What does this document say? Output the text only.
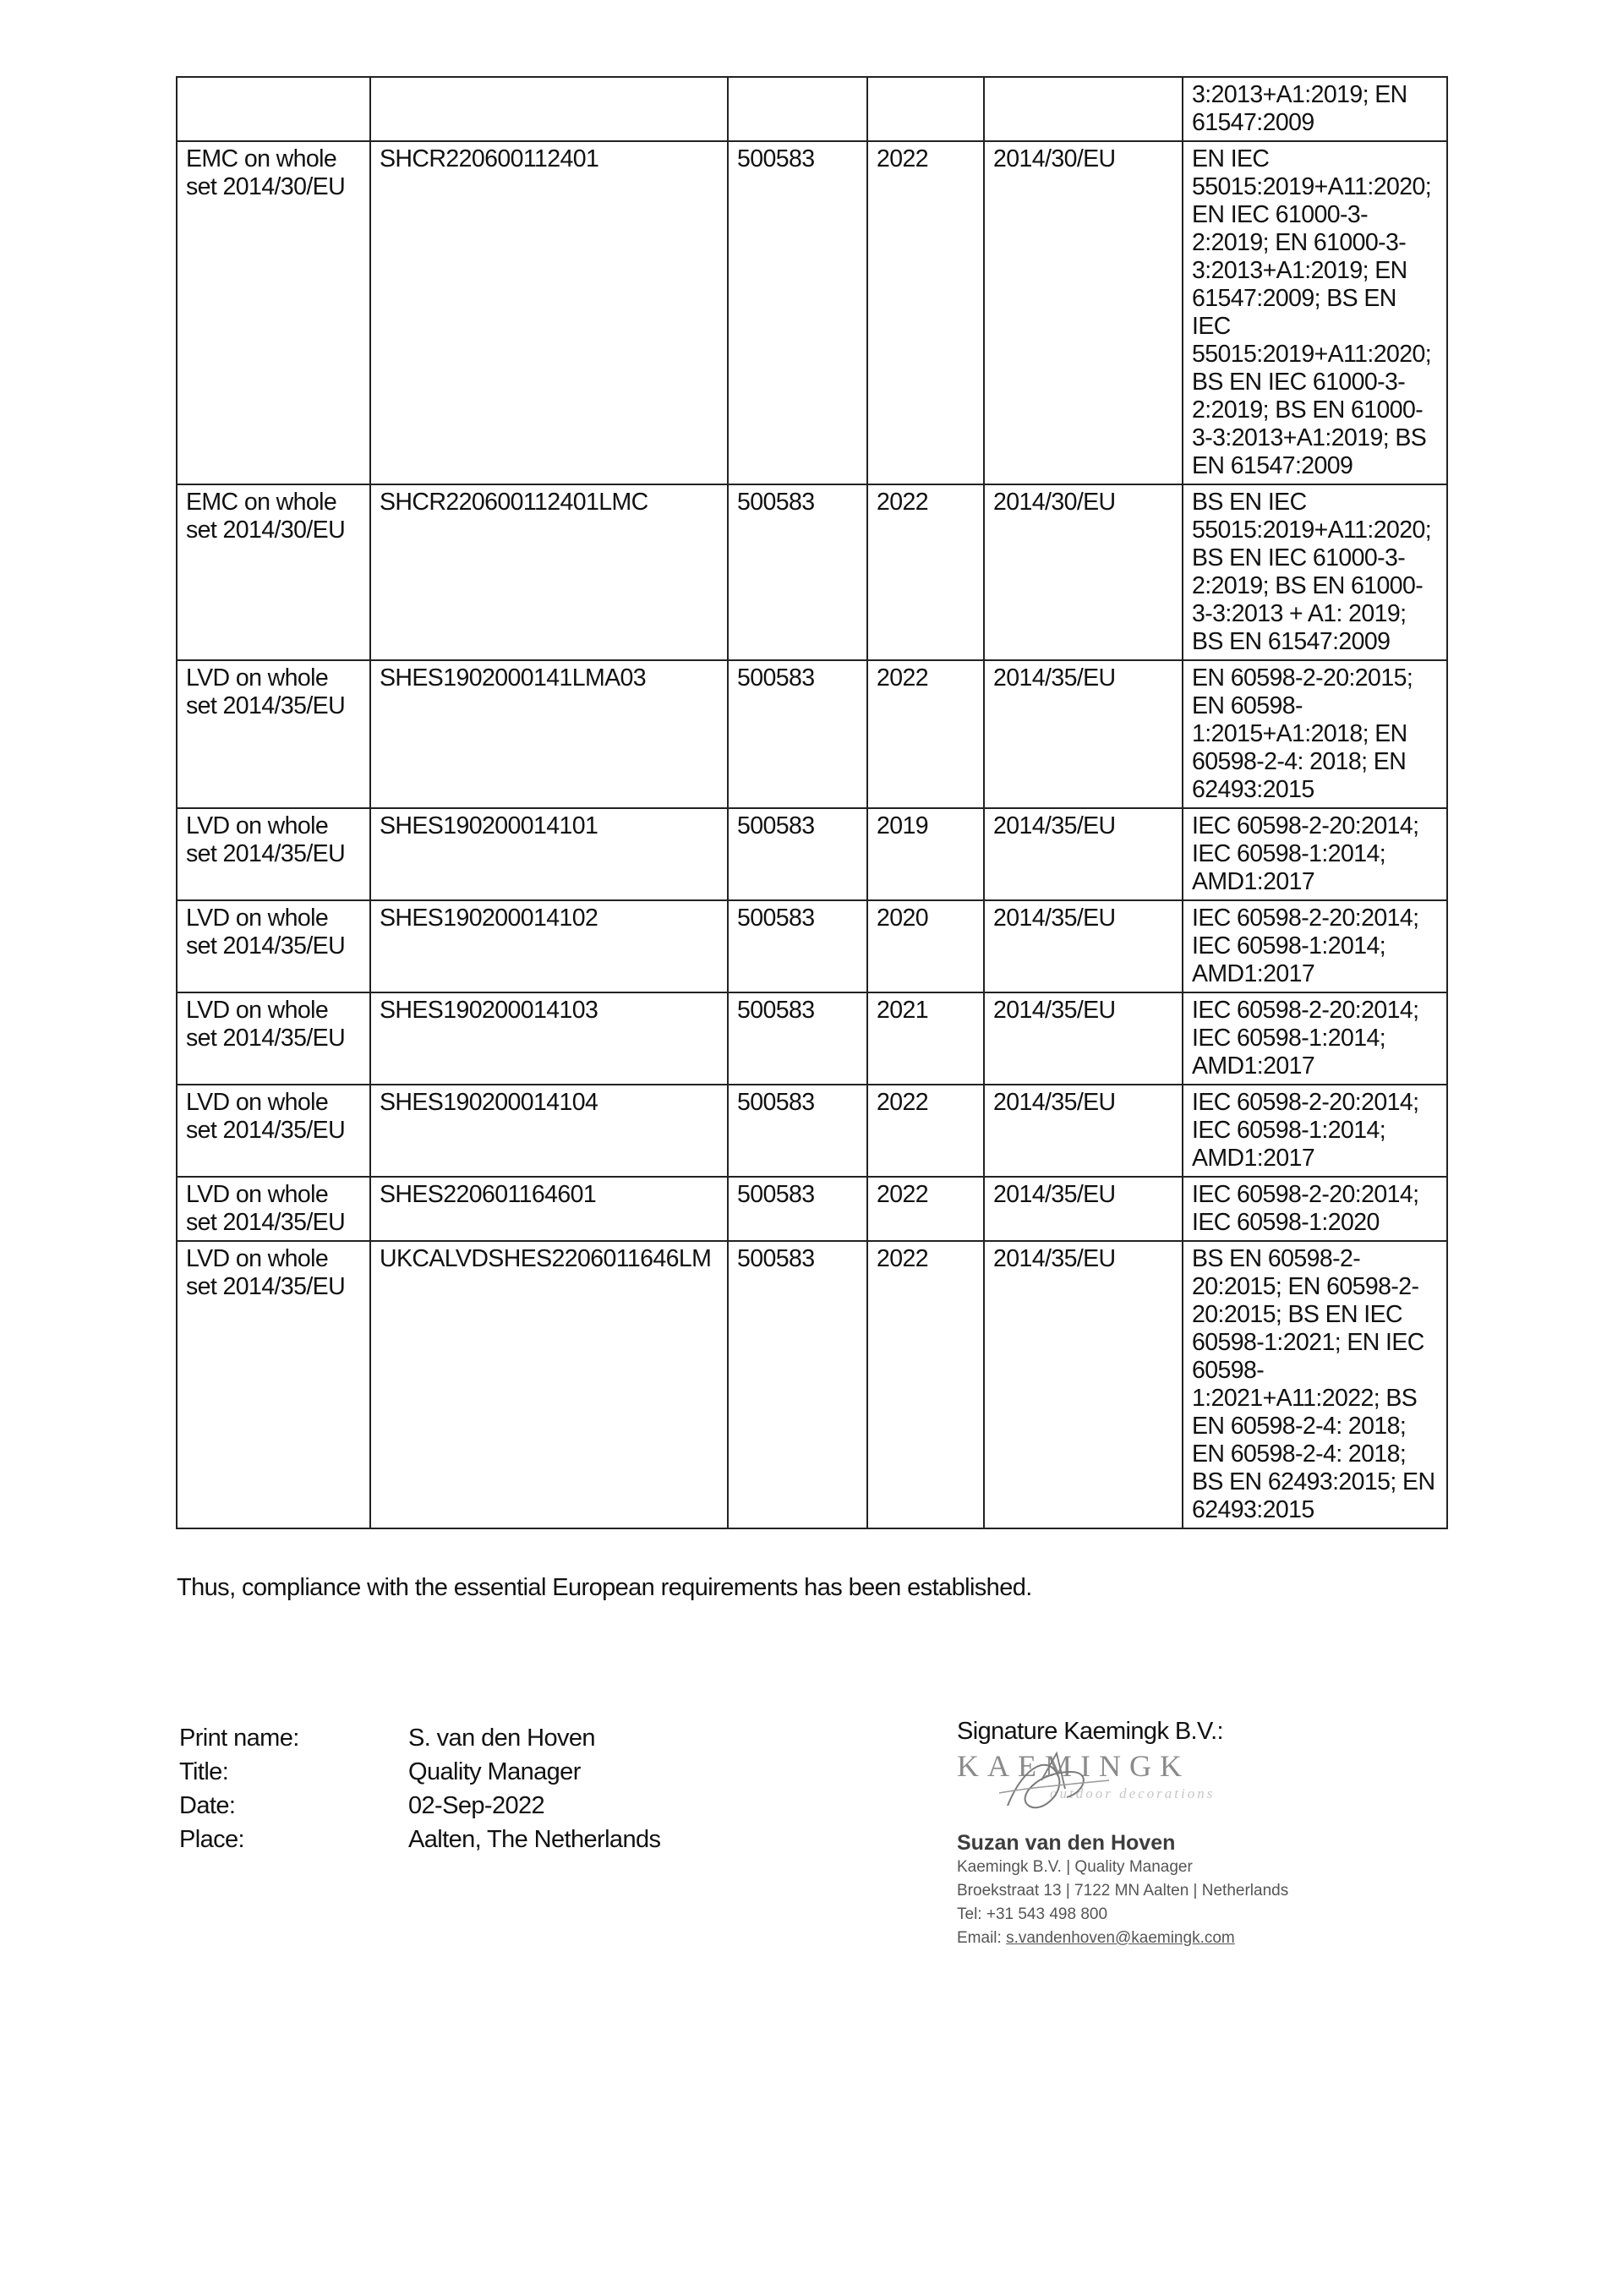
					3:2013+A1:2019; EN 61547:2009
EMC on whole set 2014/30/EU	SHCR220600112401	500583	2022	2014/30/EU	EN IEC 55015:2019+A11:2020; EN IEC 61000-3-2:2019; EN 61000-3-3:2013+A1:2019; EN 61547:2009; BS EN IEC 55015:2019+A11:2020; BS EN IEC 61000-3-2:2019; BS EN 61000-3-3:2013+A1:2019; BS EN 61547:2009
EMC on whole set 2014/30/EU	SHCR220600112401LMC	500583	2022	2014/30/EU	BS EN IEC 55015:2019+A11:2020; BS EN IEC 61000-3-2:2019; BS EN 61000-3-3:2013 + A1: 2019; BS EN 61547:2009
LVD on whole set 2014/35/EU	SHES1902000141LMA03	500583	2022	2014/35/EU	EN 60598-2-20:2015; EN 60598-1:2015+A1:2018; EN 60598-2-4: 2018; EN 62493:2015
LVD on whole set 2014/35/EU	SHES190200014101	500583	2019	2014/35/EU	IEC 60598-2-20:2014; IEC 60598-1:2014; AMD1:2017
LVD on whole set 2014/35/EU	SHES190200014102	500583	2020	2014/35/EU	IEC 60598-2-20:2014; IEC 60598-1:2014; AMD1:2017
LVD on whole set 2014/35/EU	SHES190200014103	500583	2021	2014/35/EU	IEC 60598-2-20:2014; IEC 60598-1:2014; AMD1:2017
LVD on whole set 2014/35/EU	SHES190200014104	500583	2022	2014/35/EU	IEC 60598-2-20:2014; IEC 60598-1:2014; AMD1:2017
LVD on whole set 2014/35/EU	SHES220601164601	500583	2022	2014/35/EU	IEC 60598-2-20:2014; IEC 60598-1:2020
LVD on whole set 2014/35/EU	UKCALVDSHES2206011646LM	500583	2022	2014/35/EU	BS EN 60598-2-20:2015; EN 60598-2-20:2015; BS EN IEC 60598-1:2021; EN IEC 60598-1:2021+A11:2022; BS EN 60598-2-4: 2018; EN 60598-2-4: 2018; BS EN 62493:2015; EN 62493:2015
Thus, compliance with the essential European requirements has been established.
Print name:	S. van den Hoven
Title:	Quality Manager
Date:	02-Sep-2022
Place:	Aalten, The Netherlands
Signature Kaemingk B.V.:
KAEMINGK
outdoor decorations
Suzan van den Hoven
Kaemingk B.V. | Quality Manager
Broekstraat 13 | 7122 MN Aalten | Netherlands
Tel: +31 543 498 800
Email: s.vandenhoven@kaemingk.com
